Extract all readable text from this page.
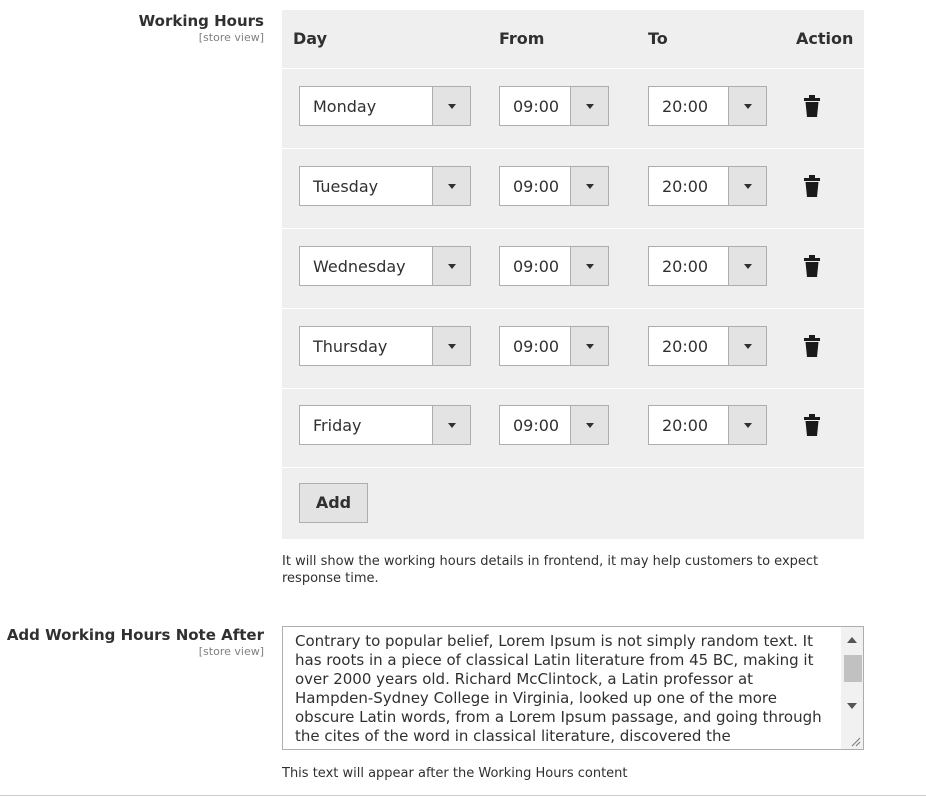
Working Hours
[store view] Day	From	To	Action
Monday	09:00	20:00
Tuesday	09:00	20:00
Wednesday	09:00	20:00
Thursday	09:00	20:00
Friday	09:00	20:00
Add
It will show the working hours details in frontend, it may help customers to expect response time.
Add Working Hours Note After
[store view]
Contrary to popular belief, Lorem Ipsum is not simply random text. It has roots in a piece of classical Latin literature from 45 BC, making it over 2000 years old. Richard McClintock, a Latin professor at Hampden-Sydney College in Virginia, looked up one of the more obscure Latin words, from a Lorem Ipsum passage, and going through the cites of the word in classical literature, discovered the
This text will appear after the Working Hours content
